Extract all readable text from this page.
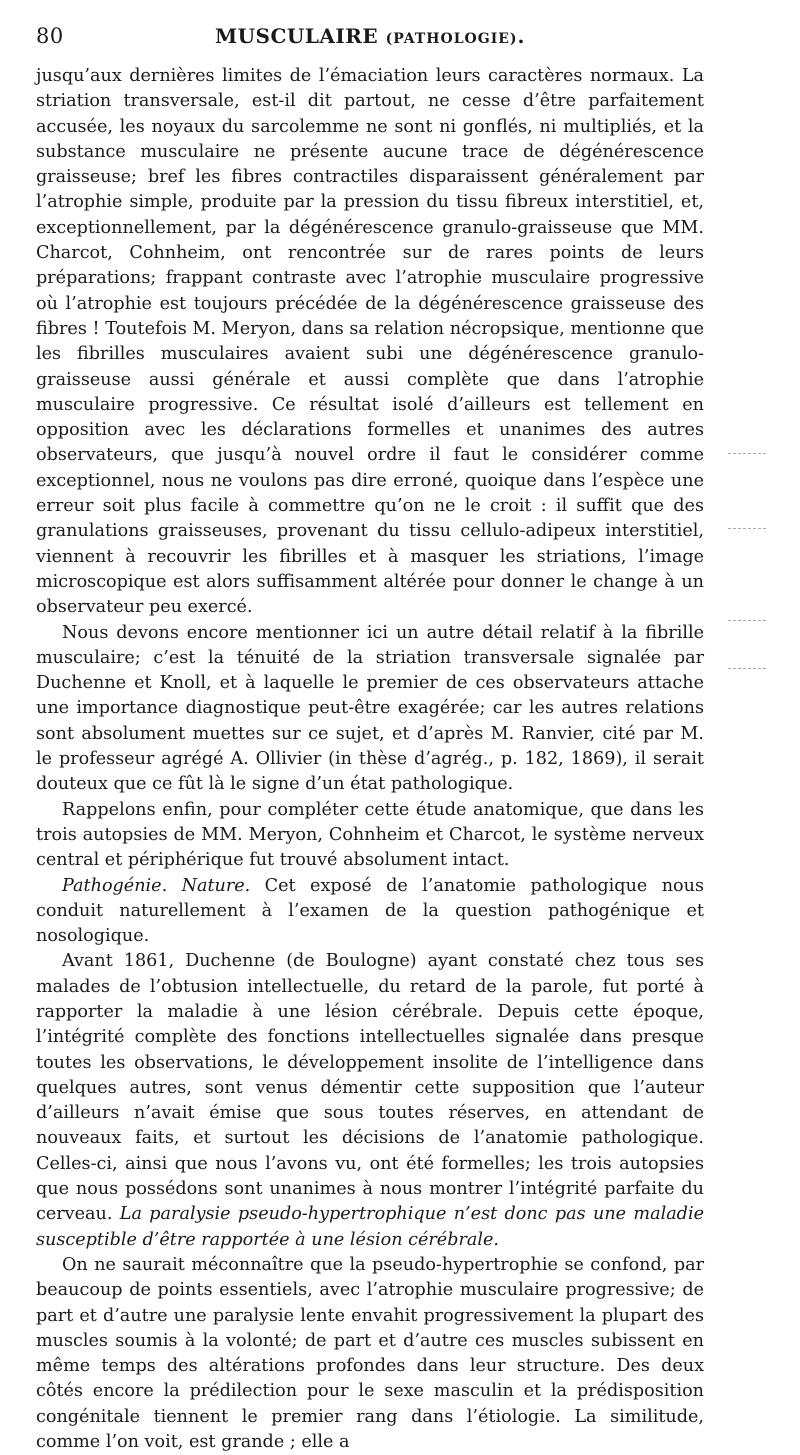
80	MUSCULAIRE (PATHOLOGIE).

jusqu’aux dernières limites de l’émaciation leurs caractères normaux. La striation transversale, est-il dit partout, ne cesse d’être parfaitement accusée, les noyaux du sarcolemme ne sont ni gonflés, ni multipliés, et la substance musculaire ne présente aucune trace de dégénérescence graisseuse; bref les fibres contractiles disparaissent généralement par l’atrophie simple, produite par la pression du tissu fibreux interstitiel, et, exceptionnellement, par la dégénérescence granulo-graisseuse que MM. Charcot, Cohnheim, ont rencontrée sur de rares points de leurs préparations; frappant contraste avec l’atrophie musculaire progressive où l’atrophie est toujours précédée de la dégénérescence graisseuse des fibres ! Toutefois M. Meryon, dans sa relation nécropsique, mentionne que les fibrilles musculaires avaient subi une dégénérescence granulo-graisseuse aussi générale et aussi complète que dans l’atrophie musculaire progressive. Ce résultat isolé d’ailleurs est tellement en opposition avec les déclarations formelles et unanimes des autres observateurs, que jusqu’à nouvel ordre il faut le considérer comme exceptionnel, nous ne voulons pas dire erroné, quoique dans l’espèce une erreur soit plus facile à commettre qu’on ne le croit : il suffit que des granulations graisseuses, provenant du tissu cellulo-adipeux interstitiel, viennent à recouvrir les fibrilles et à masquer les striations, l’image microscopique est alors suffisamment altérée pour donner le change à un observateur peu exercé.

Nous devons encore mentionner ici un autre détail relatif à la fibrille musculaire; c’est la ténuité de la striation transversale signalée par Duchenne et Knoll, et à laquelle le premier de ces observateurs attache une importance diagnostique peut-être exagérée; car les autres relations sont absolument muettes sur ce sujet, et d’après M. Ranvier, cité par M. le professeur agrégé A. Ollivier (in thèse d’agrég., p. 182, 1869), il serait douteux que ce fût là le signe d’un état pathologique.

Rappelons enfin, pour compléter cette étude anatomique, que dans les trois autopsies de MM. Meryon, Cohnheim et Charcot, le système nerveux central et périphérique fut trouvé absolument intact.

Pathogénie. Nature. Cet exposé de l’anatomie pathologique nous conduit naturellement à l’examen de la question pathogénique et nosologique.

Avant 1861, Duchenne (de Boulogne) ayant constaté chez tous ses malades de l’obtusion intellectuelle, du retard de la parole, fut porté à rapporter la maladie à une lésion cérébrale. Depuis cette époque, l’intégrité complète des fonctions intellectuelles signalée dans presque toutes les observations, le développement insolite de l’intelligence dans quelques autres, sont venus démentir cette supposition que l’auteur d’ailleurs n’avait émise que sous toutes réserves, en attendant de nouveaux faits, et surtout les décisions de l’anatomie pathologique. Celles-ci, ainsi que nous l’avons vu, ont été formelles; les trois autopsies que nous possédons sont unanimes à nous montrer l’intégrité parfaite du cerveau. La paralysie pseudo-hypertrophique n’est donc pas une maladie susceptible d’être rapportée à une lésion cérébrale.

On ne saurait méconnaître que la pseudo-hypertrophie se confond, par beaucoup de points essentiels, avec l’atrophie musculaire progressive; de part et d’autre une paralysie lente envahit progressivement la plupart des muscles soumis à la volonté; de part et d’autre ces muscles subissent en même temps des altérations profondes dans leur structure. Des deux côtés encore la prédilection pour le sexe masculin et la prédisposition congénitale tiennent le premier rang dans l’étiologie. La similitude, comme l’on voit, est grande ; elle a
